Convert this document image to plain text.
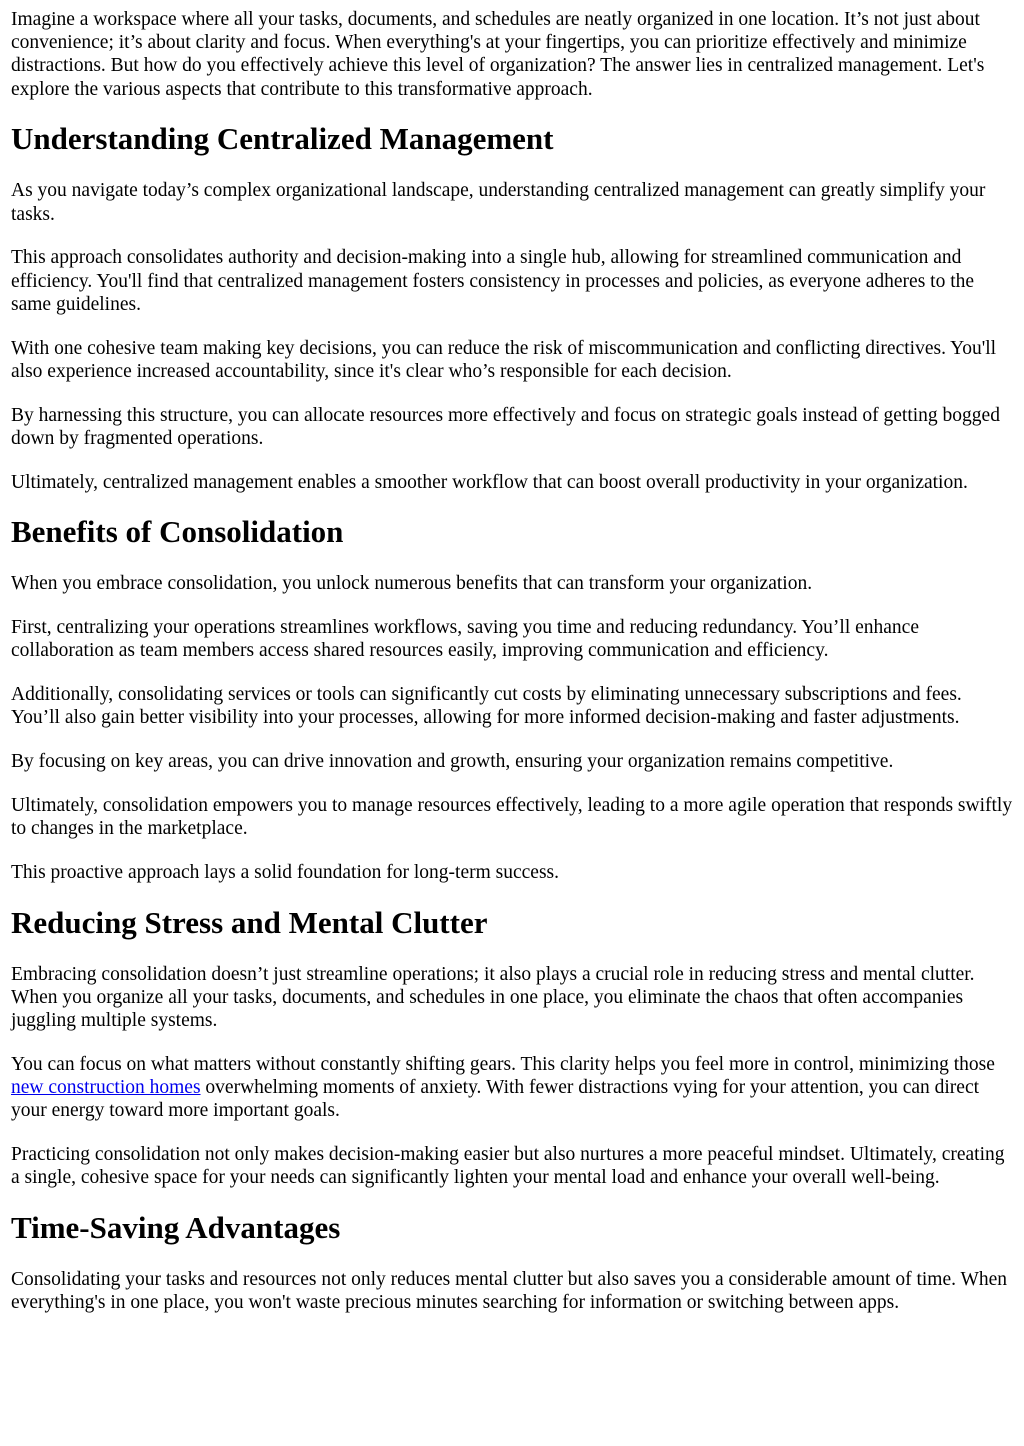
Imagine a workspace where all your tasks, documents, and schedules are neatly organized in one location. It’s not just about convenience; it’s about clarity and focus. When everything's at your fingertips, you can prioritize effectively and minimize distractions. But how do you effectively achieve this level of organization? The answer lies in centralized management. Let's explore the various aspects that contribute to this transformative approach.

Understanding Centralized Management

As you navigate today’s complex organizational landscape, understanding centralized management can greatly simplify your tasks.

This approach consolidates authority and decision-making into a single hub, allowing for streamlined communication and efficiency. You'll find that centralized management fosters consistency in processes and policies, as everyone adheres to the same guidelines.

With one cohesive team making key decisions, you can reduce the risk of miscommunication and conflicting directives. You'll also experience increased accountability, since it's clear who’s responsible for each decision.

By harnessing this structure, you can allocate resources more effectively and focus on strategic goals instead of getting bogged down by fragmented operations.

Ultimately, centralized management enables a smoother workflow that can boost overall productivity in your organization.

Benefits of Consolidation

When you embrace consolidation, you unlock numerous benefits that can transform your organization.

First, centralizing your operations streamlines workflows, saving you time and reducing redundancy. You’ll enhance collaboration as team members access shared resources easily, improving communication and efficiency.

Additionally, consolidating services or tools can significantly cut costs by eliminating unnecessary subscriptions and fees. You’ll also gain better visibility into your processes, allowing for more informed decision-making and faster adjustments.

By focusing on key areas, you can drive innovation and growth, ensuring your organization remains competitive.

Ultimately, consolidation empowers you to manage resources effectively, leading to a more agile operation that responds swiftly to changes in the marketplace.

This proactive approach lays a solid foundation for long-term success.

Reducing Stress and Mental Clutter

Embracing consolidation doesn’t just streamline operations; it also plays a crucial role in reducing stress and mental clutter. When you organize all your tasks, documents, and schedules in one place, you eliminate the chaos that often accompanies juggling multiple systems.

You can focus on what matters without constantly shifting gears. This clarity helps you feel more in control, minimizing those new construction homes overwhelming moments of anxiety. With fewer distractions vying for your attention, you can direct your energy toward more important goals.

Practicing consolidation not only makes decision-making easier but also nurtures a more peaceful mindset. Ultimately, creating a single, cohesive space for your needs can significantly lighten your mental load and enhance your overall well-being.

Time-Saving Advantages

Consolidating your tasks and resources not only reduces mental clutter but also saves you a considerable amount of time. When everything's in one place, you won't waste precious minutes searching for information or switching between apps.
